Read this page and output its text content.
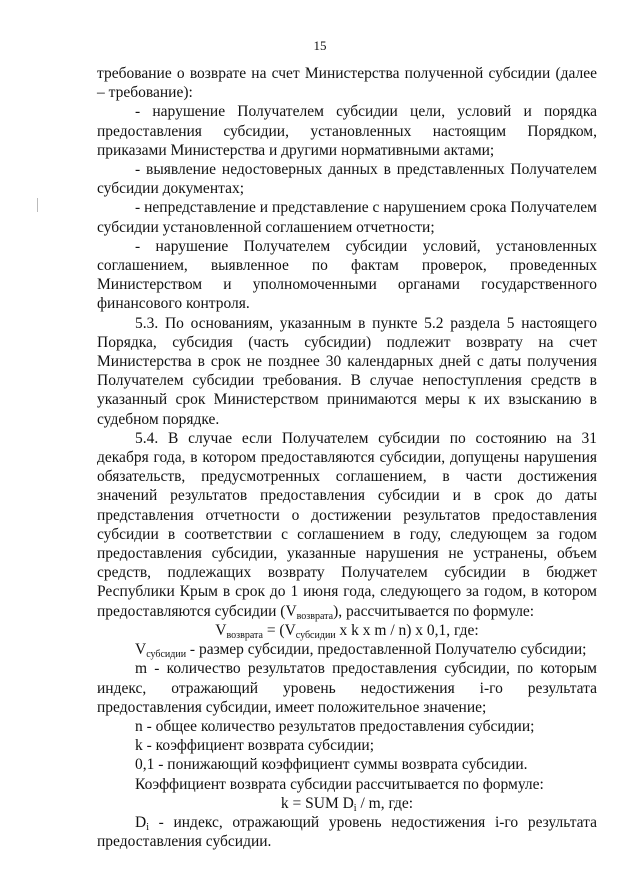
15

требование о возврате на счет Министерства полученной субсидии (далее – требование):

- нарушение Получателем субсидии цели, условий и порядка предоставления субсидии, установленных настоящим Порядком, приказами Министерства и другими нормативными актами;

- выявление недостоверных данных в представленных Получателем субсидии документах;

- непредставление и представление с нарушением срока Получателем субсидии установленной соглашением отчетности;

- нарушение Получателем субсидии условий, установленных соглашением, выявленное по фактам проверок, проведенных Министерством и уполномоченными органами государственного финансового контроля.

5.3. По основаниям, указанным в пункте 5.2 раздела 5 настоящего Порядка, субсидия (часть субсидии) подлежит возврату на счет Министерства в срок не позднее 30 календарных дней с даты получения Получателем субсидии требования. В случае непоступления средств в указанный срок Министерством принимаются меры к их взысканию в судебном порядке.

5.4. В случае если Получателем субсидии по состоянию на 31 декабря года, в котором предоставляются субсидии, допущены нарушения обязательств, предусмотренных соглашением, в части достижения значений результатов предоставления субсидии и в срок до даты представления отчетности о достижении результатов предоставления субсидии в соответствии с соглашением в году, следующем за годом предоставления субсидии, указанные нарушения не устранены, объем средств, подлежащих возврату Получателем субсидии в бюджет Республики Крым в срок до 1 июня года, следующего за годом, в котором предоставляются субсидии $(V_{возврата})$, рассчитывается по формуле:

$V_{возврата} = (V_{субсидии}$ x k x m / n) x 0,1, где:

$V_{субсидии}$ - размер субсидии, предоставленной Получателю субсидии;

m - количество результатов предоставления субсидии, по которым индекс, отражающий уровень недостижения i-го результата предоставления субсидии, имеет положительное значение;

n - общее количество результатов предоставления субсидии;

k - коэффициент возврата субсидии;

0,1 - понижающий коэффициент суммы возврата субсидии.

Коэффициент возврата субсидии рассчитывается по формуле:

k = SUM $D_i$ / m, где:

$D_i$ - индекс, отражающий уровень недостижения i-го результата предоставления субсидии.
